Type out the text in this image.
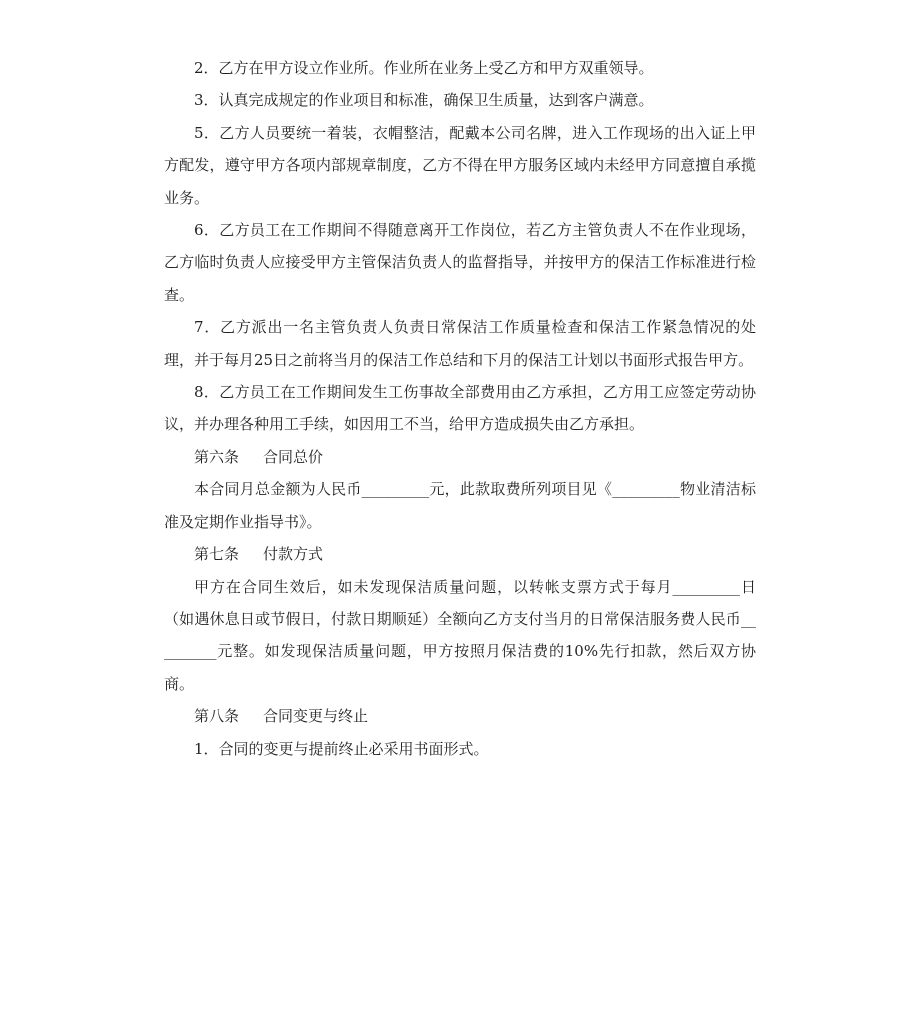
2．乙方在甲方设立作业所。作业所在业务上受乙方和甲方双重领导。

3．认真完成规定的作业项目和标准，确保卫生质量，达到客户满意。

5．乙方人员要统一着装，衣帽整洁，配戴本公司名牌，进入工作现场的出入证上甲方配发，遵守甲方各项内部规章制度，乙方不得在甲方服务区域内未经甲方同意擅自承揽业务。

6．乙方员工在工作期间不得随意离开工作岗位，若乙方主管负责人不在作业现场，乙方临时负责人应接受甲方主管保洁负责人的监督指导，并按甲方的保洁工作标准进行检查。

7．乙方派出一名主管负责人负责日常保洁工作质量检查和保洁工作紧急情况的处理，并于每月25日之前将当月的保洁工作总结和下月的保洁工计划以书面形式报告甲方。

8．乙方员工在工作期间发生工伤事故全部费用由乙方承担，乙方用工应签定劳动协议，并办理各种用工手续，如因用工不当，给甲方造成损失由乙方承担。

第六条 合同总价

本合同月总金额为人民币_________元，此款取费所列项目见《_________物业清洁标准及定期作业指导书》。

第七条 付款方式

甲方在合同生效后，如未发现保洁质量问题，以转帐支票方式于每月_________日（如遇休息日或节假日，付款日期顺延）全额向乙方支付当月的日常保洁服务费人民币_________元整。如发现保洁质量问题，甲方按照月保洁费的10%先行扣款，然后双方协商。

第八条 合同变更与终止

1．合同的变更与提前终止必采用书面形式。
